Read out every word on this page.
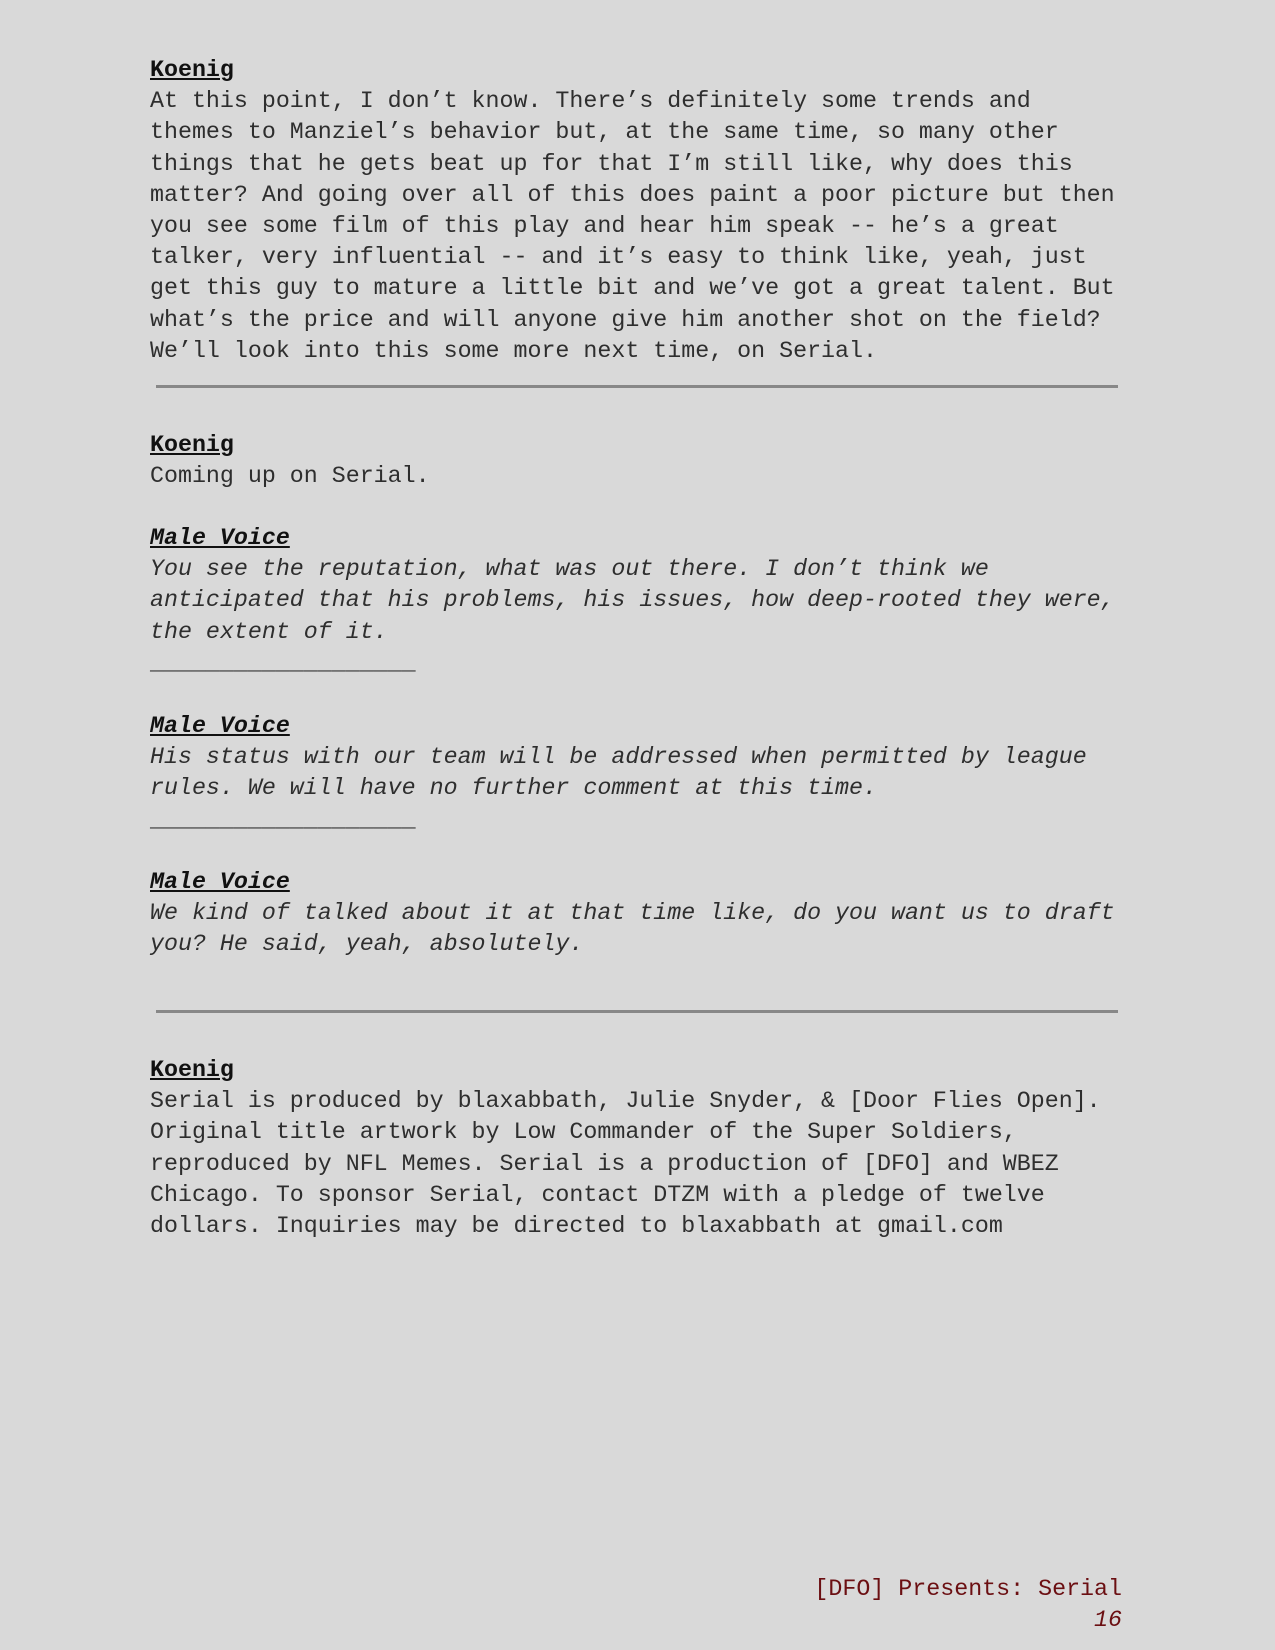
Koenig
At this point, I don’t know. There’s definitely some trends and
themes to Manziel’s behavior but, at the same time, so many other
things that he gets beat up for that I’m still like, why does this
matter? And going over all of this does paint a poor picture but then
you see some film of this play and hear him speak -- he’s a great
talker, very influential -- and it’s easy to think like, yeah, just
get this guy to mature a little bit and we’ve got a great talent. But
what’s the price and will anyone give him another shot on the field?
We’ll look into this some more next time, on Serial.
Koenig
Coming up on Serial.
Male Voice
You see the reputation, what was out there. I don’t think we
anticipated that his problems, his issues, how deep-rooted they were,
the extent of it.
___________________
Male Voice
His status with our team will be addressed when permitted by league
rules. We will have no further comment at this time.
___________________
Male Voice
We kind of talked about it at that time like, do you want us to draft
you? He said, yeah, absolutely.
Koenig
Serial is produced by blaxabbath, Julie Snyder, & [Door Flies Open].
Original title artwork by Low Commander of the Super Soldiers,
reproduced by NFL Memes. Serial is a production of [DFO] and WBEZ
Chicago. To sponsor Serial, contact DTZM with a pledge of twelve
dollars. Inquiries may be directed to blaxabbath at gmail.com
[DFO] Presents: Serial
16
